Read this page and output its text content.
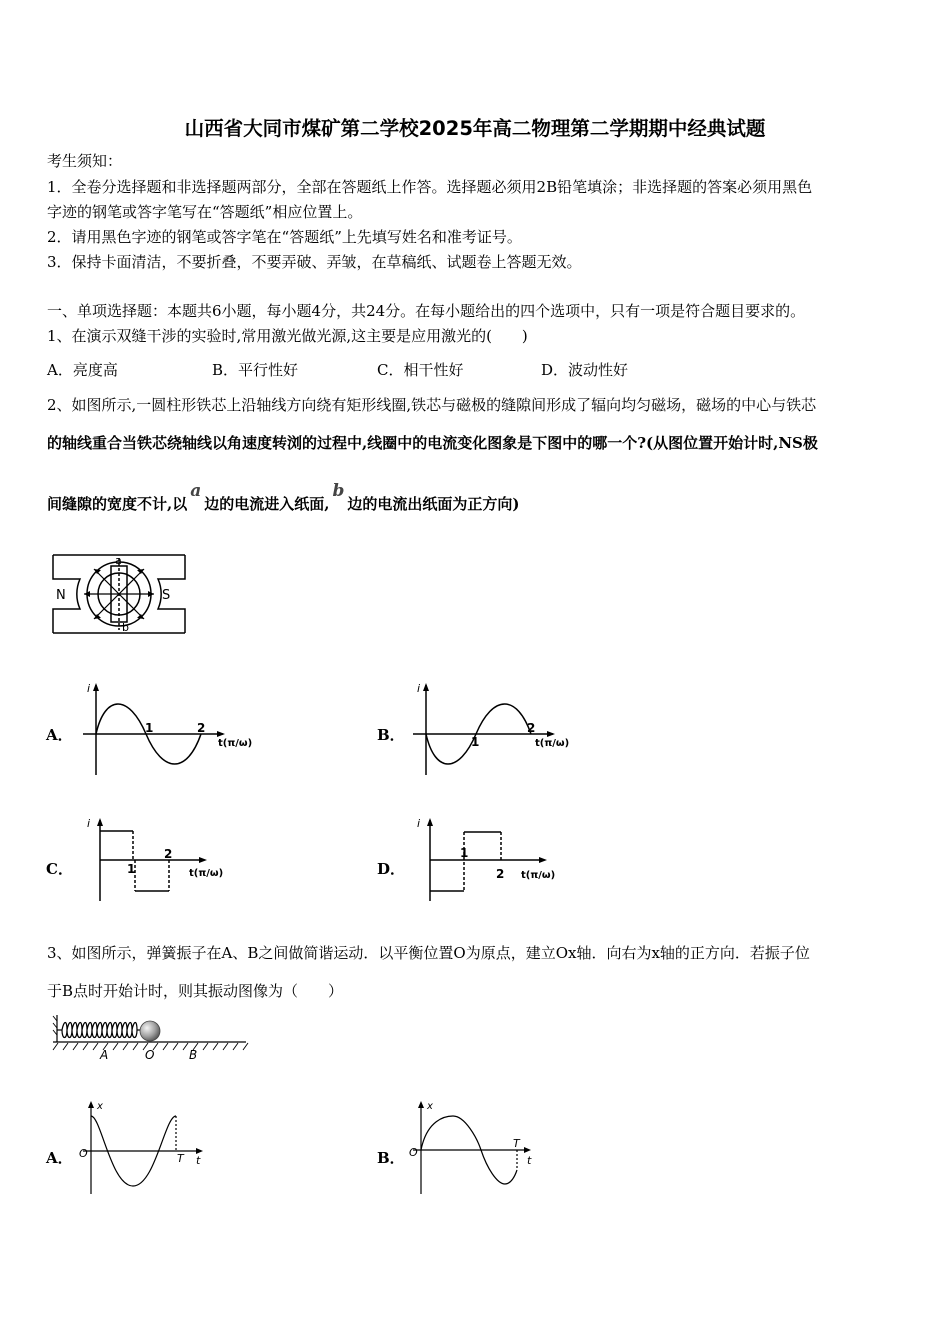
山西省大同市煤矿第二学校2025年高二物理第二学期期中经典试题
考生须知：
1．全卷分选择题和非选择题两部分，全部在答题纸上作答。选择题必须用2B铅笔填涂；非选择题的答案必须用黑色
字迹的钢笔或答字笔写在“答题纸”相应位置上。
2．请用黑色字迹的钢笔或答字笔在“答题纸”上先填写姓名和准考证号。
3．保持卡面清洁，不要折叠，不要弄破、弄皱，在草稿纸、试题卷上答题无效。
一、单项选择题：本题共6小题，每小题4分，共24分。在每小题给出的四个选项中，只有一项是符合题目要求的。
1、在演示双缝干涉的实验时,常用激光做光源,这主要是应用激光的(　　)
A．亮度高	B．平行性好	C．相干性好	D．波动性好
2、如图所示,一圆柱形铁芯上沿轴线方向绕有矩形线圈,铁芯与磁极的缝隙间形成了辐向均匀磁场，磁场的中心与铁芯
的轴线重合当铁芯绕轴线以角速度转浏的过程中,线圈中的电流变化图象是下图中的哪一个?(从图位置开始计时,NS极
间缝隙的宽度不计,以a边的电流进入纸面,b边的电流出纸面为正方向)
N	S
a
b
A．	B．
C．	D．
i
1	2
t(π/ω)
i
1
2
t(π/ω)
i
1
2
t(π/ω)
i
1
2 t(π/ω)
3、如图所示，弹簧振子在A、B之间做简谐运动．以平衡位置O为原点，建立Ox轴．向右为x轴的正方向．若振子位
于B点时开始计时，则其振动图像为（　　）
A	O	B
A．	B．
x
O	T t
x
O
T
t
